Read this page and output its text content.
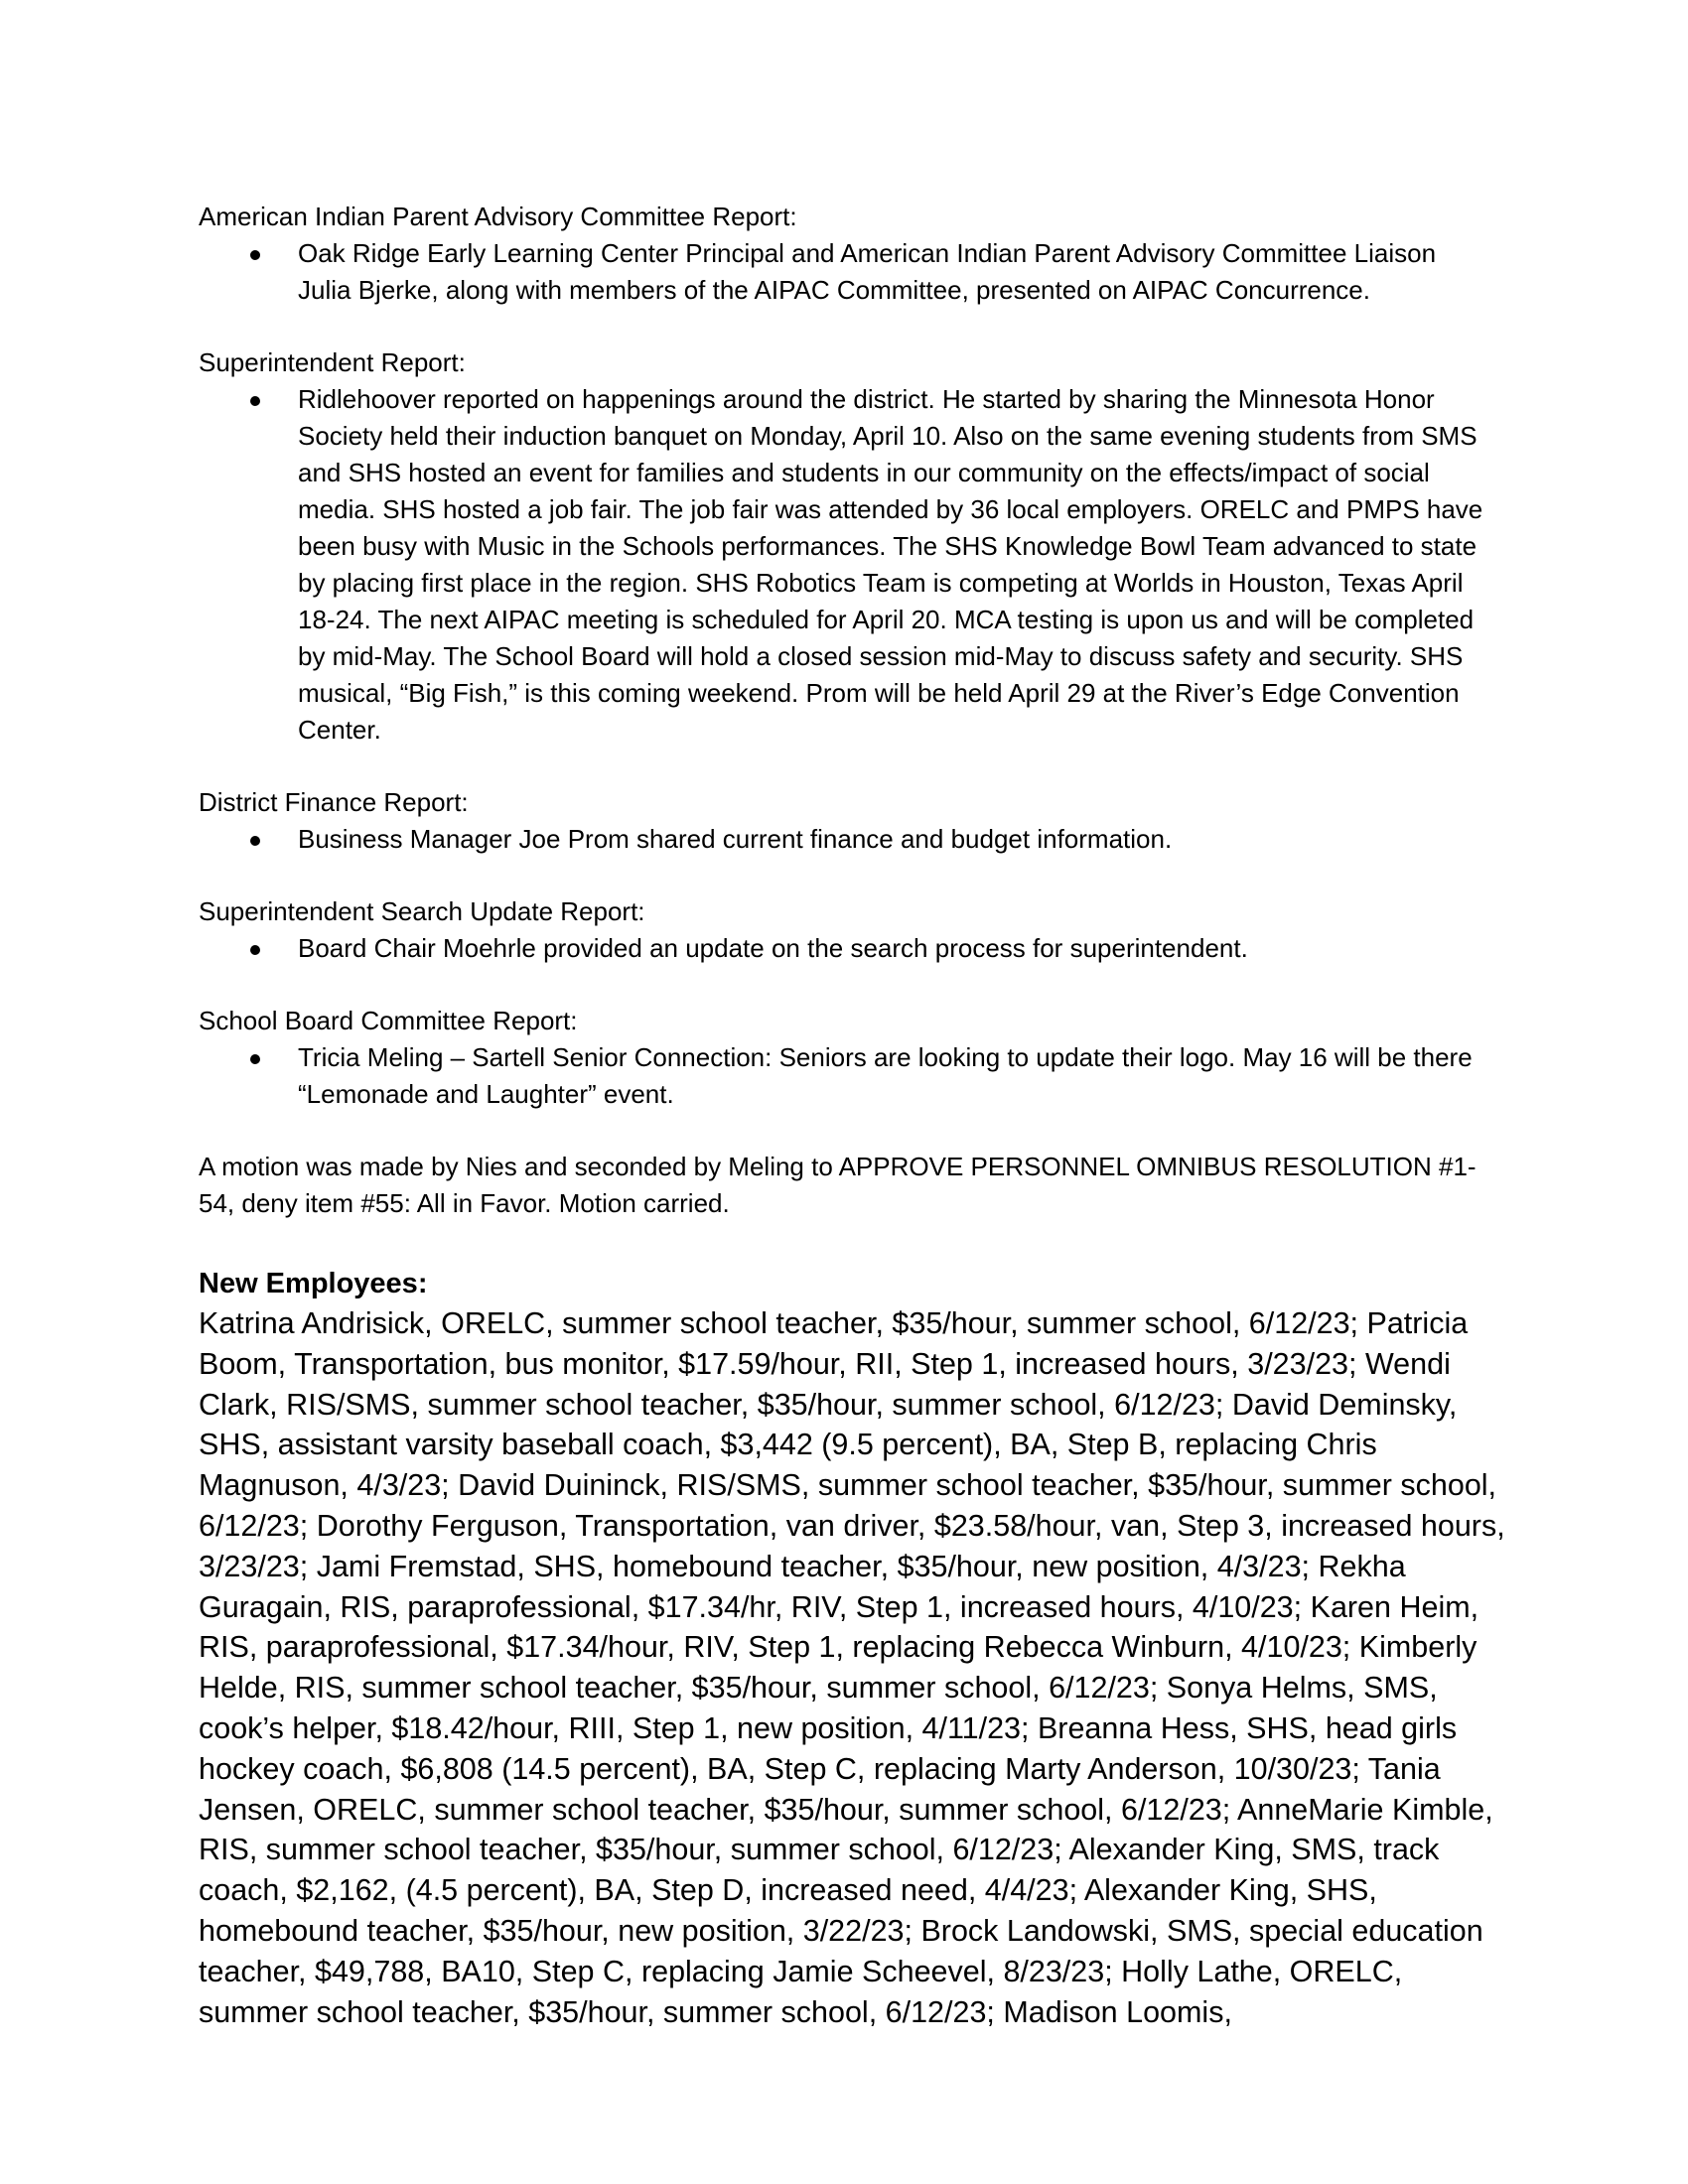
American Indian Parent Advisory Committee Report:

Oak Ridge Early Learning Center Principal and American Indian Parent Advisory Committee Liaison Julia Bjerke, along with members of the AIPAC Committee, presented on AIPAC Concurrence.

Superintendent Report:

Ridlehoover reported on happenings around the district. He started by sharing the Minnesota Honor Society held their induction banquet on Monday, April 10. Also on the same evening students from SMS and SHS hosted an event for families and students in our community on the effects/impact of social media. SHS hosted a job fair. The job fair was attended by 36 local employers. ORELC and PMPS have been busy with Music in the Schools performances. The SHS Knowledge Bowl Team advanced to state by placing first place in the region. SHS Robotics Team is competing at Worlds in Houston, Texas April 18-24. The next AIPAC meeting is scheduled for April 20. MCA testing is upon us and will be completed by mid-May. The School Board will hold a closed session mid-May to discuss safety and security. SHS musical, “Big Fish,” is this coming weekend. Prom will be held April 29 at the River’s Edge Convention Center.

District Finance Report:

Business Manager Joe Prom shared current finance and budget information.

Superintendent Search Update Report:

Board Chair Moehrle provided an update on the search process for superintendent.

School Board Committee Report:

Tricia Meling – Sartell Senior Connection: Seniors are looking to update their logo. May 16 will be there “Lemonade and Laughter” event.

A motion was made by Nies and seconded by Meling to APPROVE PERSONNEL OMNIBUS RESOLUTION #1-54, deny item #55: All in Favor. Motion carried.

New Employees:

Katrina Andrisick, ORELC, summer school teacher, $35/hour, summer school, 6/12/23; Patricia Boom, Transportation, bus monitor, $17.59/hour, RII, Step 1, increased hours, 3/23/23; Wendi Clark, RIS/SMS, summer school teacher, $35/hour, summer school, 6/12/23; David Deminsky, SHS, assistant varsity baseball coach, $3,442 (9.5 percent), BA, Step B, replacing Chris Magnuson, 4/3/23; David Duininck, RIS/SMS, summer school teacher, $35/hour, summer school, 6/12/23; Dorothy Ferguson, Transportation, van driver, $23.58/hour, van, Step 3, increased hours, 3/23/23; Jami Fremstad, SHS, homebound teacher, $35/hour, new position, 4/3/23; Rekha Guragain, RIS, paraprofessional, $17.34/hr, RIV, Step 1, increased hours, 4/10/23; Karen Heim, RIS, paraprofessional, $17.34/hour, RIV, Step 1, replacing Rebecca Winburn, 4/10/23; Kimberly Helde, RIS, summer school teacher, $35/hour, summer school, 6/12/23; Sonya Helms, SMS, cook’s helper, $18.42/hour, RIII, Step 1, new position, 4/11/23; Breanna Hess, SHS, head girls hockey coach, $6,808 (14.5 percent), BA, Step C, replacing Marty Anderson, 10/30/23; Tania Jensen, ORELC, summer school teacher, $35/hour, summer school, 6/12/23; AnneMarie Kimble, RIS, summer school teacher, $35/hour, summer school, 6/12/23; Alexander King, SMS, track coach, $2,162, (4.5 percent), BA, Step D, increased need, 4/4/23; Alexander King, SHS, homebound teacher, $35/hour, new position, 3/22/23; Brock Landowski, SMS, special education teacher, $49,788, BA10, Step C, replacing Jamie Scheevel, 8/23/23; Holly Lathe, ORELC, summer school teacher, $35/hour, summer school, 6/12/23; Madison Loomis,
